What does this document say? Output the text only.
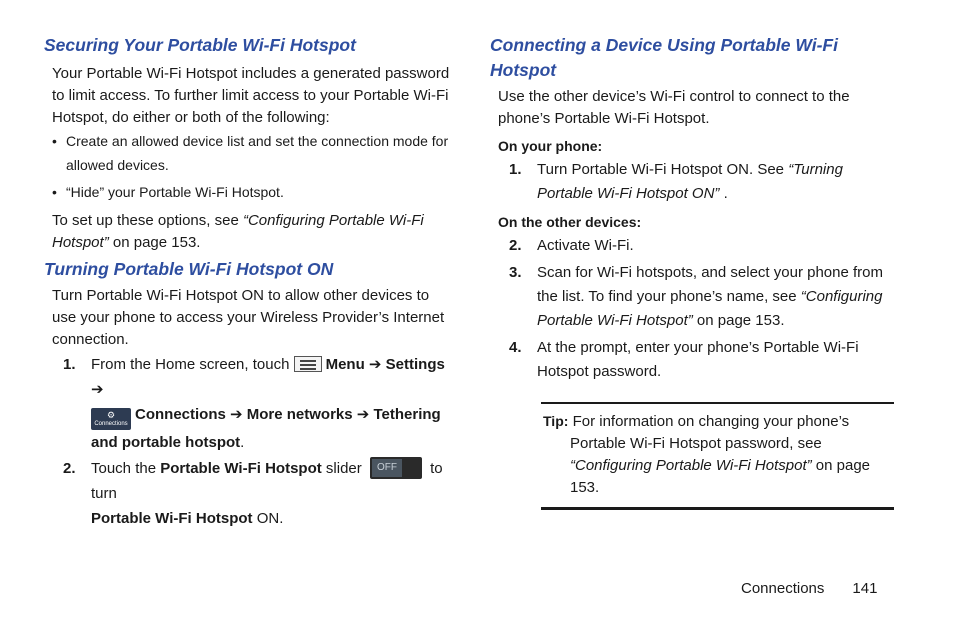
Securing Your Portable Wi-Fi Hotspot

Your Portable Wi-Fi Hotspot includes a generated password to limit access. To further limit access to your Portable Wi-Fi Hotspot, do either or both of the following:

• Create an allowed device list and set the connection mode for allowed devices.
• “Hide” your Portable Wi-Fi Hotspot.

To set up these options, see “Configuring Portable Wi-Fi Hotspot” on page 153.

Turning Portable Wi-Fi Hotspot ON

Turn Portable Wi-Fi Hotspot ON to allow other devices to use your phone to access your Wireless Provider’s Internet connection.

1. From the Home screen, touch
Menu ➔ Settings ➔

⚙
ConnectionsConnections ➔ More networks ➔ Tethering and portable hotspot.
2. Touch the Portable Wi-Fi Hotspot slider	OFF	to turn
Portable Wi-Fi Hotspot ON.
Connecting a Device Using Portable Wi-Fi Hotspot

Use the other device’s Wi-Fi control to connect to the phone’s Portable Wi-Fi Hotspot.

On your phone:
1. Turn Portable Wi-Fi Hotspot ON. See “Turning Portable Wi-Fi Hotspot ON” .
On the other devices:
2. Activate Wi-Fi.
3. Scan for Wi-Fi hotspots, and select your phone from the list. To find your phone’s name, see “Configuring Portable Wi-Fi Hotspot” on page 153.
4. At the prompt, enter your phone’s Portable Wi-Fi Hotspot password.
Tip: For information on changing your phone’s
Portable Wi-Fi Hotspot password, see
“Configuring Portable Wi-Fi Hotspot” on page 153.
Connections 141
